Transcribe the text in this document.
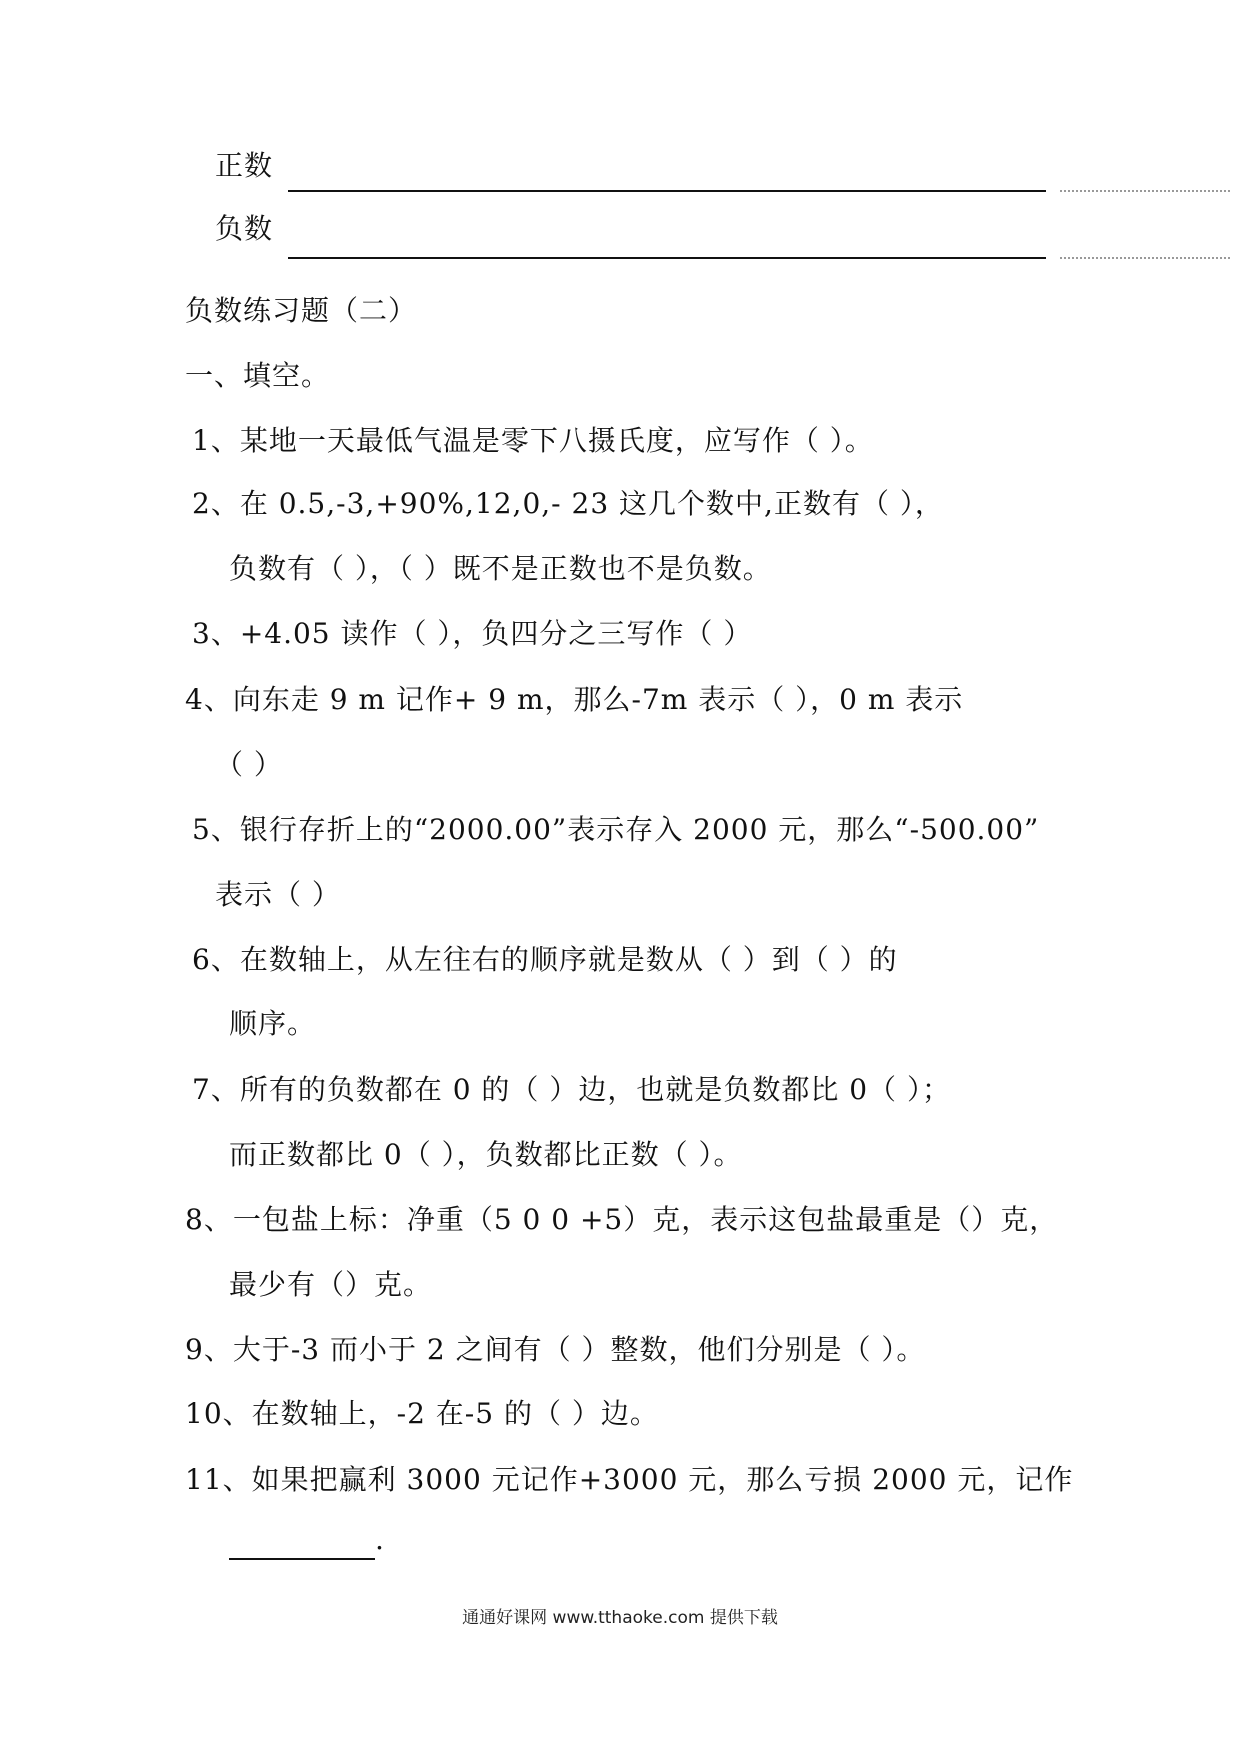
正数
负数
负数练习题（二）
一、填空。
1、某地一天最低气温是零下八摄氏度，应写作（ ）。
2、在 0.5,-3,+90%,12,0,- 23 这几个数中,正数有（ ），
负数有（ ），（ ）既不是正数也不是负数。
3、+4.05 读作（ ），负四分之三写作（ ）
4、向东走 9 m 记作+ 9 m，那么-7m 表示（ ），0 m 表示
（ ）
5、银行存折上的“2000.00”表示存入 2000 元，那么“-500.00”
表示（ ）
6、在数轴上，从左往右的顺序就是数从（ ）到（ ）的
顺序。
7、所有的负数都在 0 的（ ）边，也就是负数都比 0（ ）；
而正数都比 0（ ），负数都比正数（ ）。
8、一包盐上标：净重（5 0 0 +5）克，表示这包盐最重是（）克，
最少有（）克。
9、大于-3 而小于 2 之间有（ ）整数，他们分别是（ ）。
10、在数轴上，-2 在-5 的（ ）边。
11、如果把赢利 3000 元记作+3000 元，那么亏损 2000 元，记作
.
通通好课网 www.tthaoke.com 提供下载
